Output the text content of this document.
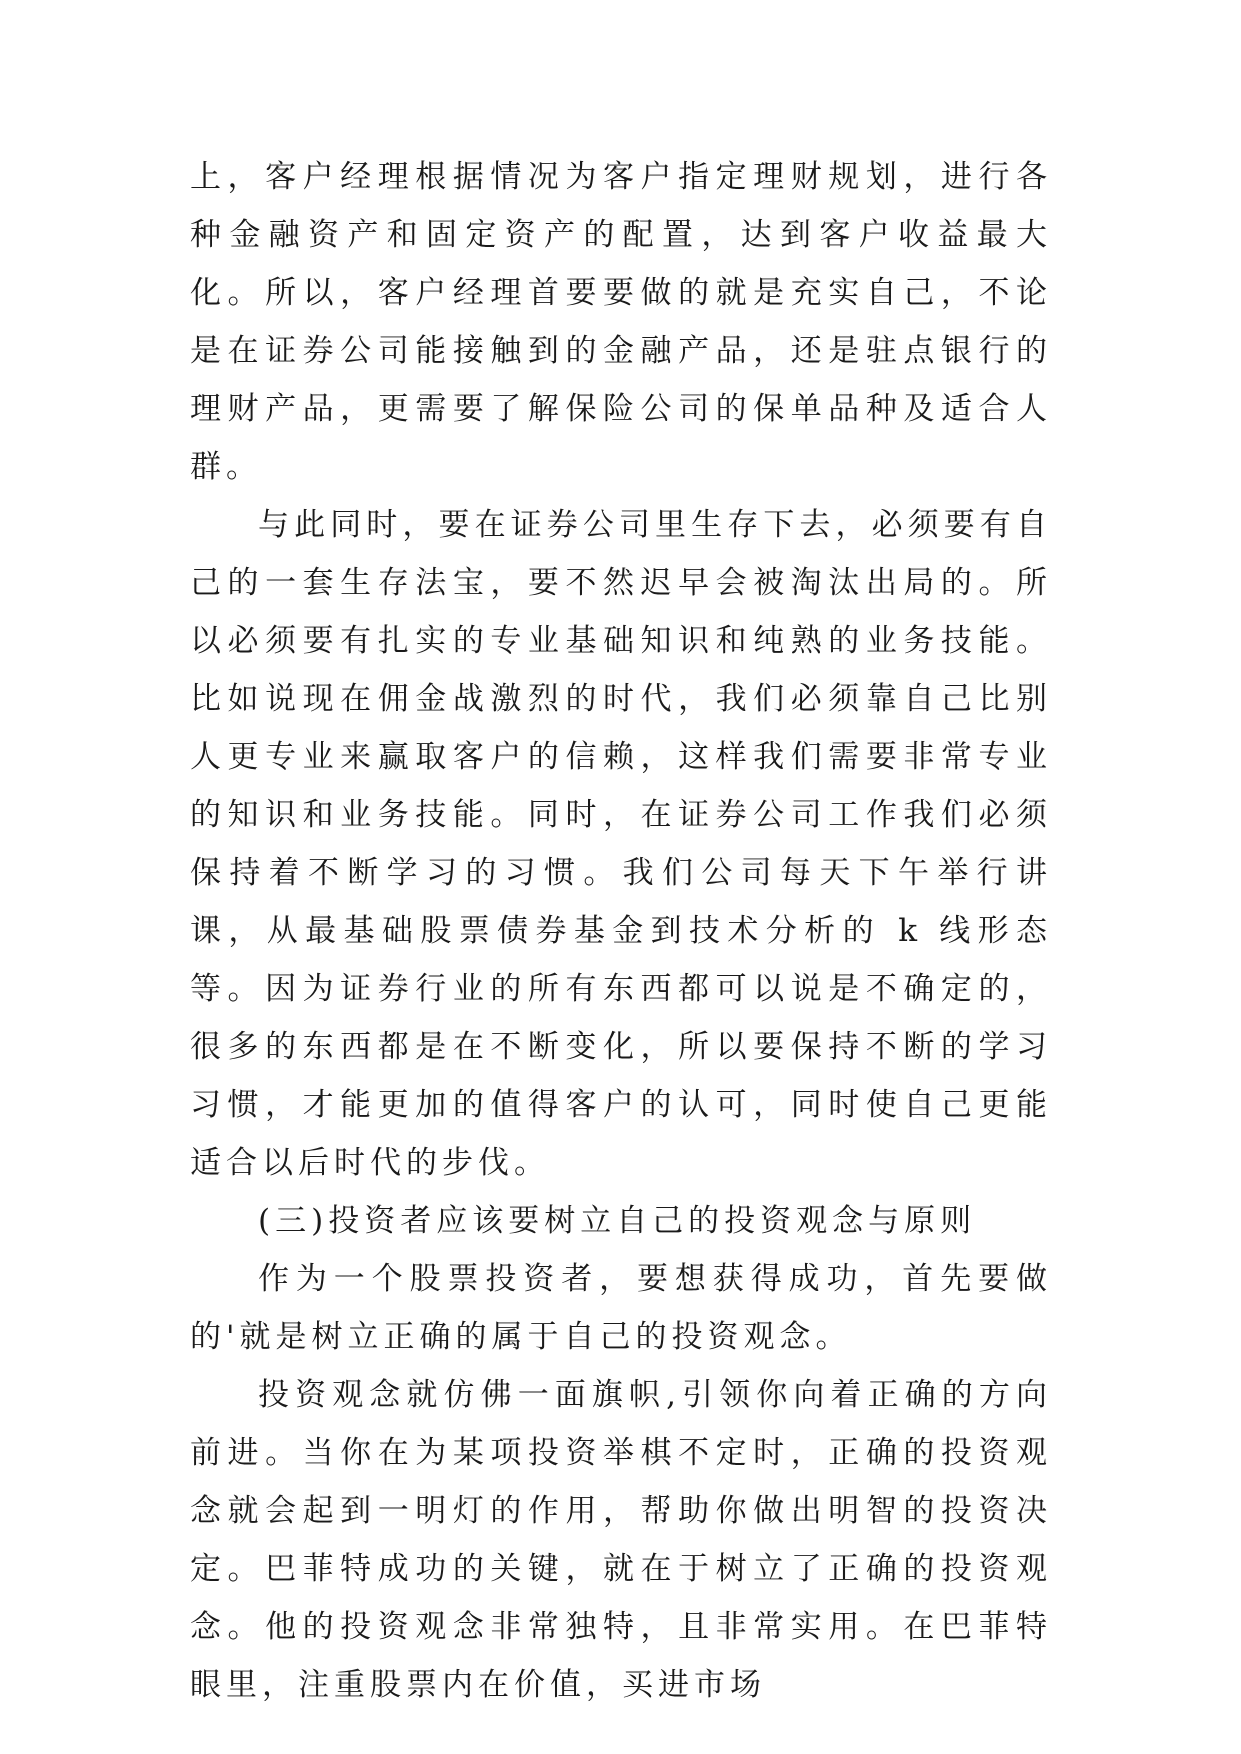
上，客户经理根据情况为客户指定理财规划，进行各种金融资产和固定资产的配置，达到客户收益最大化。所以，客户经理首要要做的就是充实自己，不论是在证券公司能接触到的金融产品，还是驻点银行的理财产品，更需要了解保险公司的保单品种及适合人群。

与此同时，要在证券公司里生存下去，必须要有自己的一套生存法宝，要不然迟早会被淘汰出局的。所以必须要有扎实的专业基础知识和纯熟的业务技能。比如说现在佣金战激烈的时代，我们必须靠自己比别人更专业来赢取客户的信赖，这样我们需要非常专业的知识和业务技能。同时，在证券公司工作我们必须保持着不断学习的习惯。我们公司每天下午举行讲课，从最基础股票债券基金到技术分析的 k 线形态等。因为证券行业的所有东西都可以说是不确定的，很多的东西都是在不断变化，所以要保持不断的学习习惯，才能更加的值得客户的认可，同时使自己更能适合以后时代的步伐。

(三)投资者应该要树立自己的投资观念与原则

作为一个股票投资者，要想获得成功，首先要做的'就是树立正确的属于自己的投资观念。

投资观念就仿佛一面旗帜,引领你向着正确的方向前进。当你在为某项投资举棋不定时，正确的投资观念就会起到一明灯的作用，帮助你做出明智的投资决定。巴菲特成功的关键，就在于树立了正确的投资观念。他的投资观念非常独特，且非常实用。在巴菲特眼里，注重股票内在价值，买进市场
